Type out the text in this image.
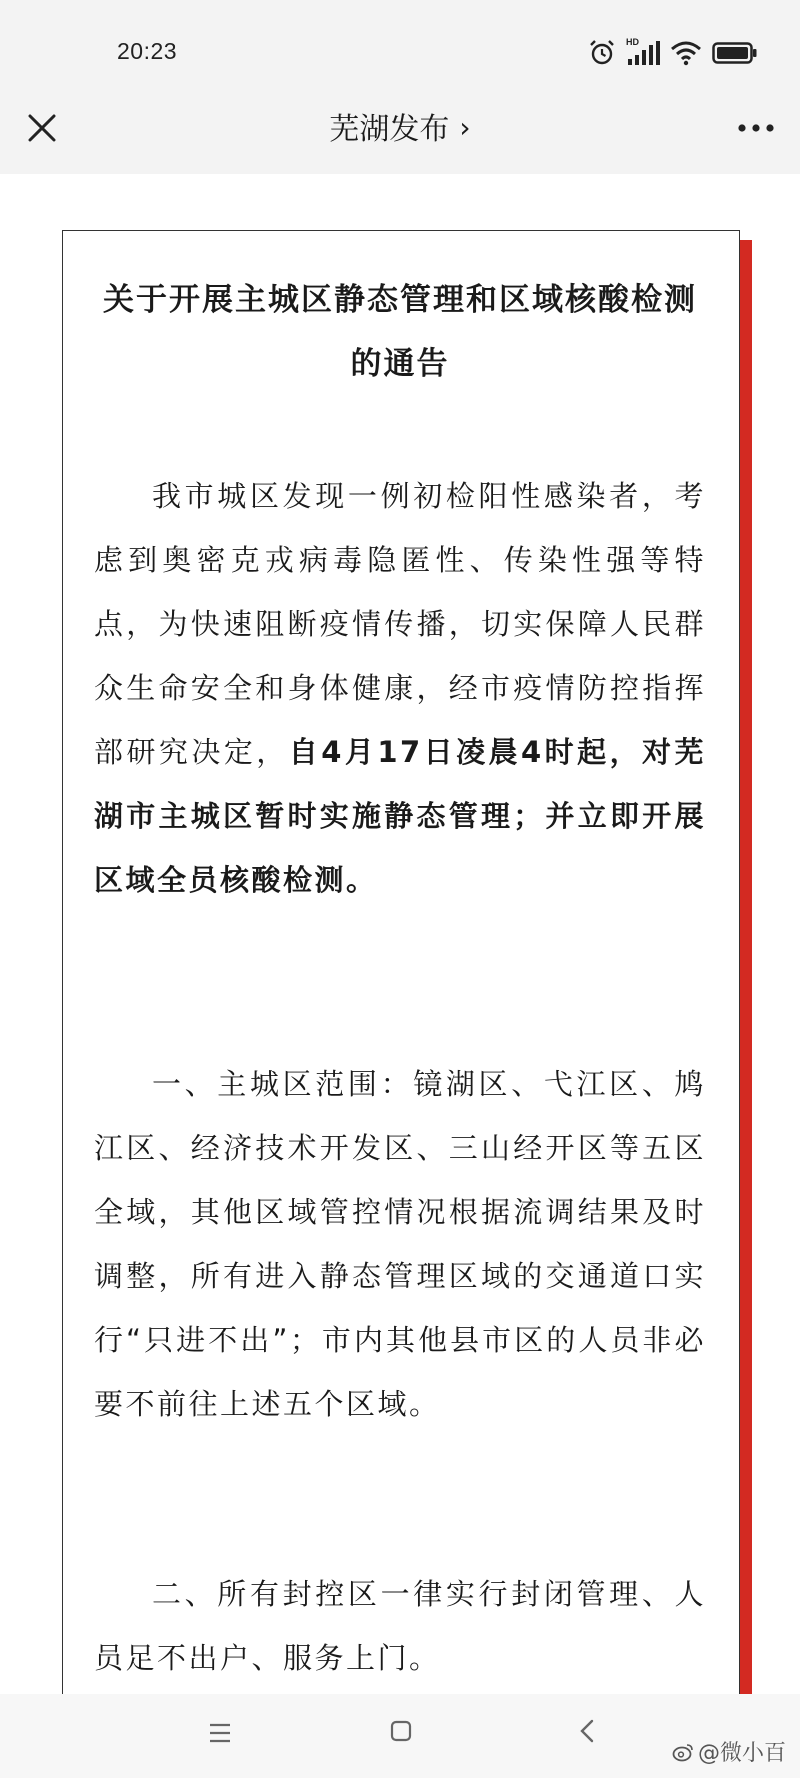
20:23	HD
芜湖发布 ›
关于开展主城区静态管理和区域核酸检测的通告
我市城区发现一例初检阳性感染者，考虑到奥密克戎病毒隐匿性、传染性强等特点，为快速阻断疫情传播，切实保障人民群众生命安全和身体健康，经市疫情防控指挥部研究决定，自4月17日凌晨4时起，对芜湖市主城区暂时实施静态管理；并立即开展区域全员核酸检测。
一、主城区范围：镜湖区、弋江区、鸠江区、经济技术开发区、三山经开区等五区全域，其他区域管控情况根据流调结果及时调整，所有进入静态管理区域的交通道口实行“只进不出”；市内其他县市区的人员非必要不前往上述五个区域。
二、所有封控区一律实行封闭管理、人员足不出户、服务上门。
@微小百
